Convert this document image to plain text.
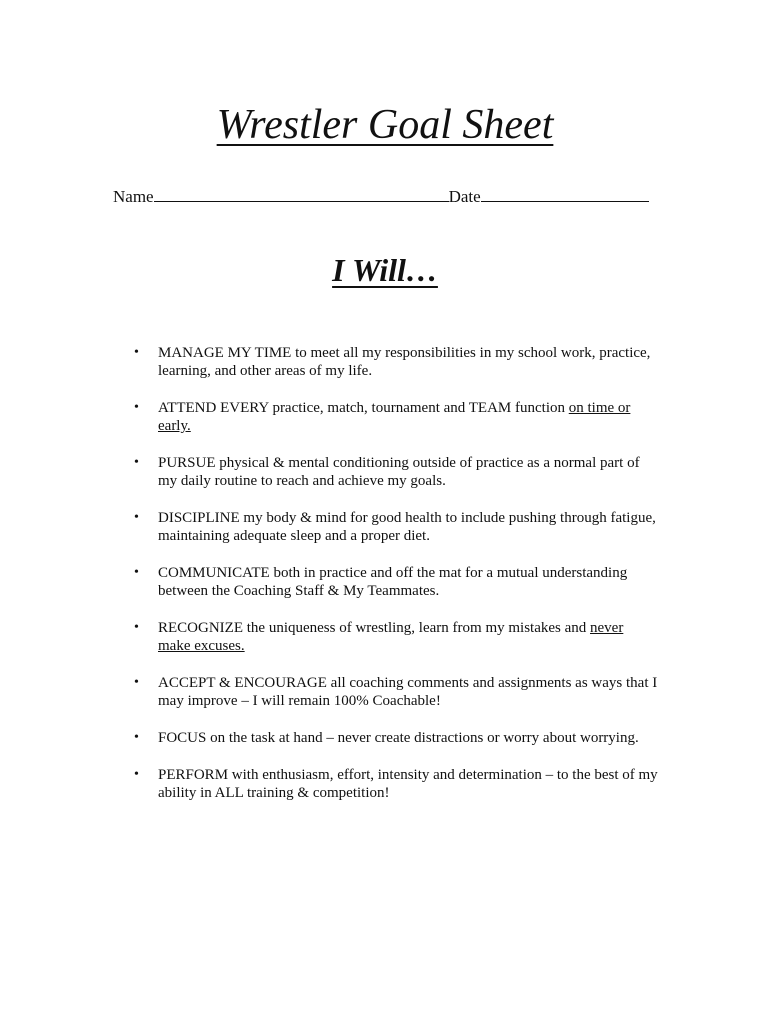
Wrestler Goal Sheet
Name	Date
I Will…
• MANAGE MY TIME to meet all my responsibilities in my school work, practice, learning, and other areas of my life.
• ATTEND EVERY practice, match, tournament and TEAM function on time or early.
• PURSUE physical & mental conditioning outside of practice as a normal part of my daily routine to reach and achieve my goals.
• DISCIPLINE my body & mind for good health to include pushing through fatigue, maintaining adequate sleep and a proper diet.
• COMMUNICATE both in practice and off the mat for a mutual understanding between the Coaching Staff & My Teammates.
• RECOGNIZE the uniqueness of wrestling, learn from my mistakes and never make excuses.
• ACCEPT & ENCOURAGE all coaching comments and assignments as ways that I may improve – I will remain 100% Coachable!
• FOCUS on the task at hand – never create distractions or worry about worrying.
• PERFORM with enthusiasm, effort, intensity and determination – to the best of my ability in ALL training & competition!
